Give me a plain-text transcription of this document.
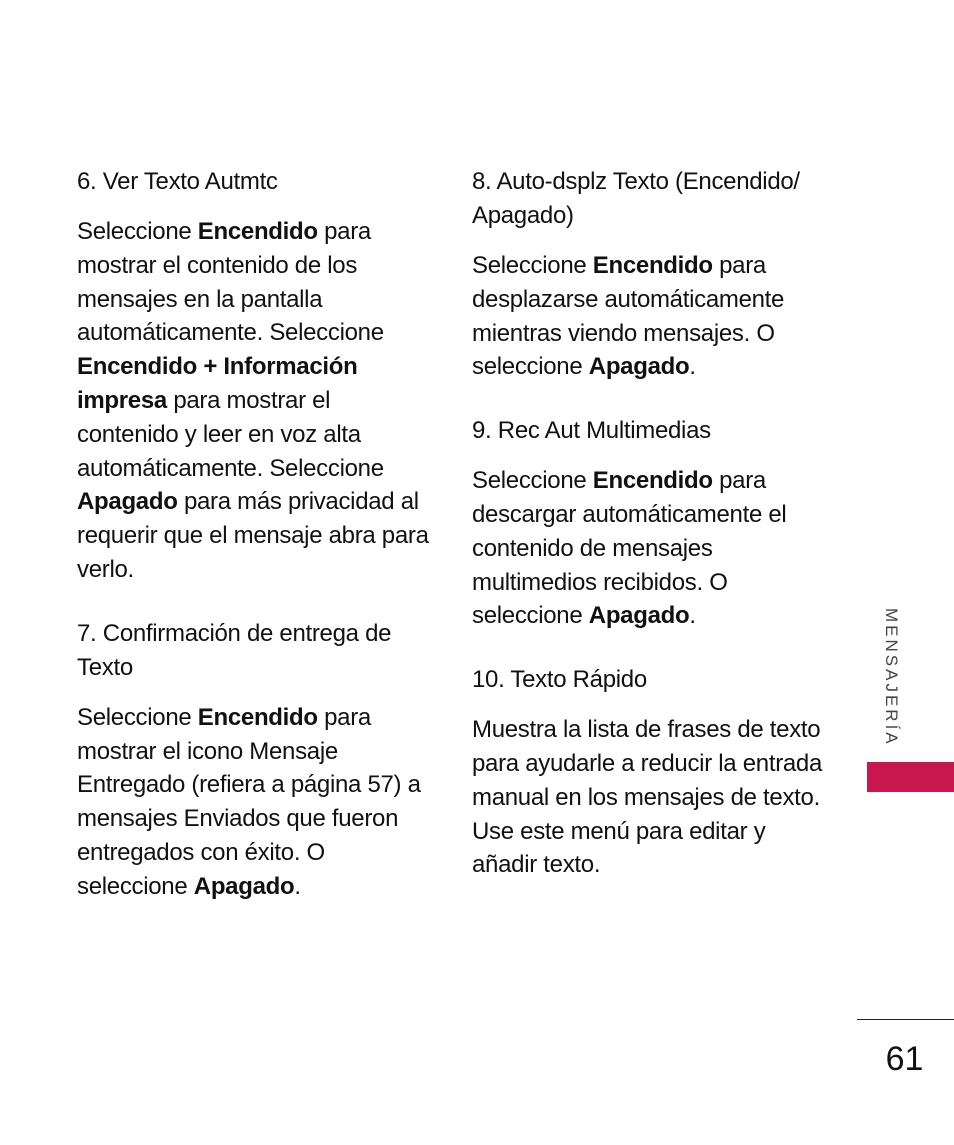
6. Ver Texto Autmtc

Seleccione Encendido para mostrar el contenido de los mensajes en la pantalla automáticamente. Seleccione Encendido + Información impresa para mostrar el contenido y leer en voz alta automáticamente. Seleccione Apagado para más privacidad al requerir que el mensaje abra para verlo.

7. Confirmación de entrega de Texto

Seleccione Encendido para mostrar el icono Mensaje Entregado (refiera a página 57) a mensajes Enviados que fueron entregados con éxito. O seleccione Apagado.

8. Auto-dsplz Texto (Encendido/ Apagado)

Seleccione Encendido para desplazarse automáticamente mientras viendo mensajes. O seleccione Apagado.

9. Rec Aut Multimedias

Seleccione Encendido para descargar automáticamente el contenido de mensajes multimedios recibidos. O seleccione Apagado.

10. Texto Rápido

Muestra la lista de frases de texto para ayudarle a reducir la entrada manual en los mensajes de texto. Use este menú para editar y añadir texto.

MENSAJERÍA
61
